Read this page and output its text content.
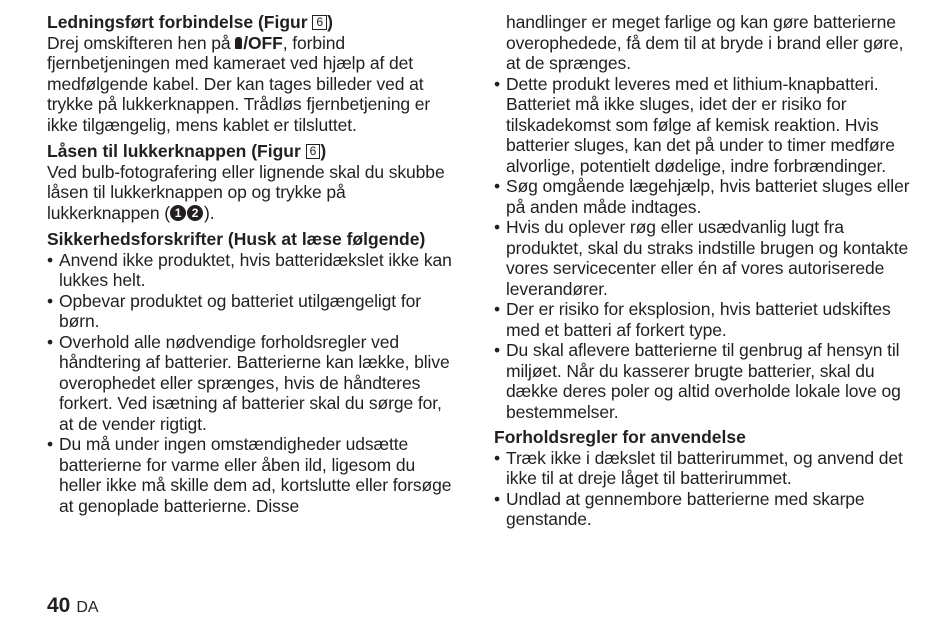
Ledningsført forbindelse (Figur 6 )

Drej omskifteren hen på /OFF, forbind fjernbetjeningen med kameraet ved hjælp af det medfølgende kabel. Der kan tages billeder ved at trykke på lukkerknappen. Trådløs fjernbetjening er ikke tilgængelig, mens kablet er tilsluttet.

Låsen til lukkerknappen (Figur 6 )

Ved bulb-fotografering eller lignende skal du skubbe låsen til lukkerknappen op og trykke på lukkerknappen ( 1 2 ).

Sikkerhedsforskrifter (Husk at læse følgende)

• Anvend ikke produktet, hvis batteridækslet ikke kan lukkes helt.
• Opbevar produktet og batteriet utilgængeligt for børn.
• Overhold alle nødvendige forholdsregler ved håndtering af batterier. Batterierne kan lække, blive overophedet eller sprænges, hvis de håndteres forkert. Ved isætning af batterier skal du sørge for, at de vender rigtigt.
• Du må under ingen omstændigheder udsætte batterierne for varme eller åben ild, ligesom du heller ikke må skille dem ad, kortslutte eller forsøge at genoplade batterierne. Disse

handlinger er meget farlige og kan gøre batterierne overophedede, få dem til at bryde i brand eller gøre, at de sprænges.

• Dette produkt leveres med et lithium-knapbatteri. Batteriet må ikke sluges, idet der er risiko for tilskadekomst som følge af kemisk reaktion. Hvis batterier sluges, kan det på under to timer medføre alvorlige, potentielt dødelige, indre forbrændinger.
• Søg omgående lægehjælp, hvis batteriet sluges eller på anden måde indtages.
• Hvis du oplever røg eller usædvanlig lugt fra produktet, skal du straks indstille brugen og kontakte vores servicecenter eller én af vores autoriserede leverandører.
• Der er risiko for eksplosion, hvis batteriet udskiftes med et batteri af forkert type.
• Du skal aflevere batterierne til genbrug af hensyn til miljøet. Når du kasserer brugte batterier, skal du dække deres poler og altid overholde lokale love og bestemmelser.

Forholdsregler for anvendelse

• Træk ikke i dækslet til batterirummet, og anvend det ikke til at dreje låget til batterirummet.
• Undlad at gennembore batterierne med skarpe genstande.
40 DA
